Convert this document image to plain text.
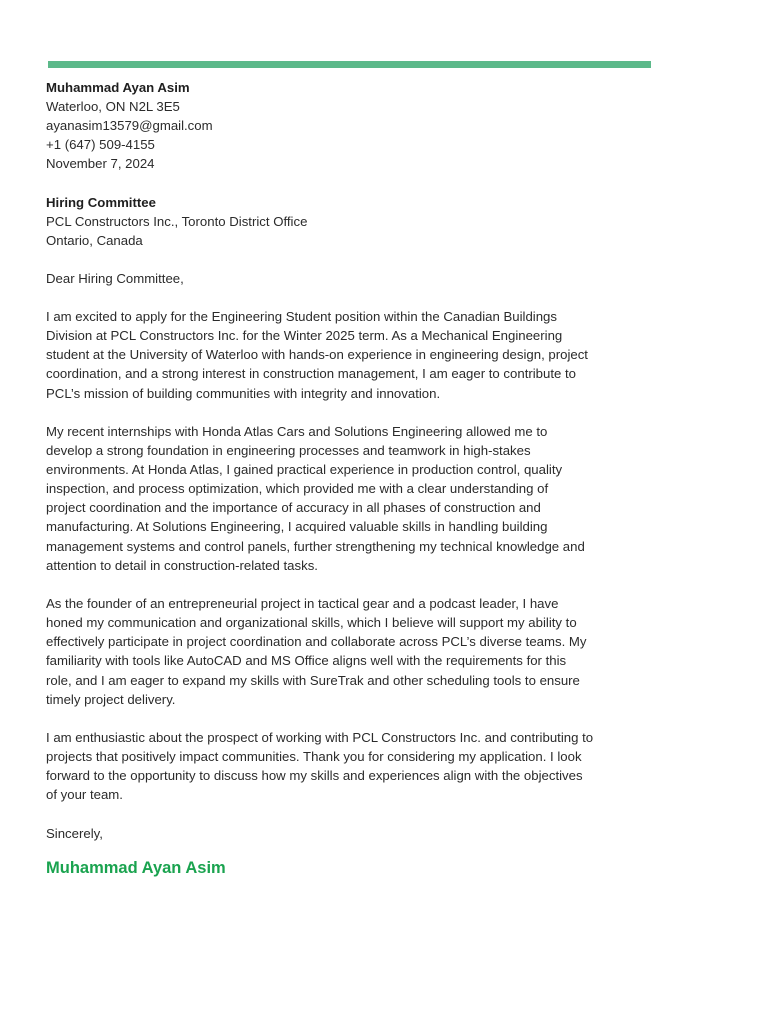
Muhammad Ayan Asim
Waterloo, ON N2L 3E5
ayanasim13579@gmail.com
+1 (647) 509-4155
November 7, 2024
Hiring Committee
PCL Constructors Inc., Toronto District Office
Ontario, Canada
Dear Hiring Committee,

I am excited to apply for the Engineering Student position within the Canadian Buildings
Division at PCL Constructors Inc. for the Winter 2025 term. As a Mechanical Engineering
student at the University of Waterloo with hands-on experience in engineering design, project
coordination, and a strong interest in construction management, I am eager to contribute to
PCL’s mission of building communities with integrity and innovation.

My recent internships with Honda Atlas Cars and Solutions Engineering allowed me to
develop a strong foundation in engineering processes and teamwork in high-stakes
environments. At Honda Atlas, I gained practical experience in production control, quality
inspection, and process optimization, which provided me with a clear understanding of
project coordination and the importance of accuracy in all phases of construction and
manufacturing. At Solutions Engineering, I acquired valuable skills in handling building
management systems and control panels, further strengthening my technical knowledge and
attention to detail in construction-related tasks.

As the founder of an entrepreneurial project in tactical gear and a podcast leader, I have
honed my communication and organizational skills, which I believe will support my ability to
effectively participate in project coordination and collaborate across PCL’s diverse teams. My
familiarity with tools like AutoCAD and MS Office aligns well with the requirements for this
role, and I am eager to expand my skills with SureTrak and other scheduling tools to ensure
timely project delivery.

I am enthusiastic about the prospect of working with PCL Constructors Inc. and contributing to
projects that positively impact communities. Thank you for considering my application. I look
forward to the opportunity to discuss how my skills and experiences align with the objectives
of your team.

Sincerely,
Muhammad Ayan Asim
